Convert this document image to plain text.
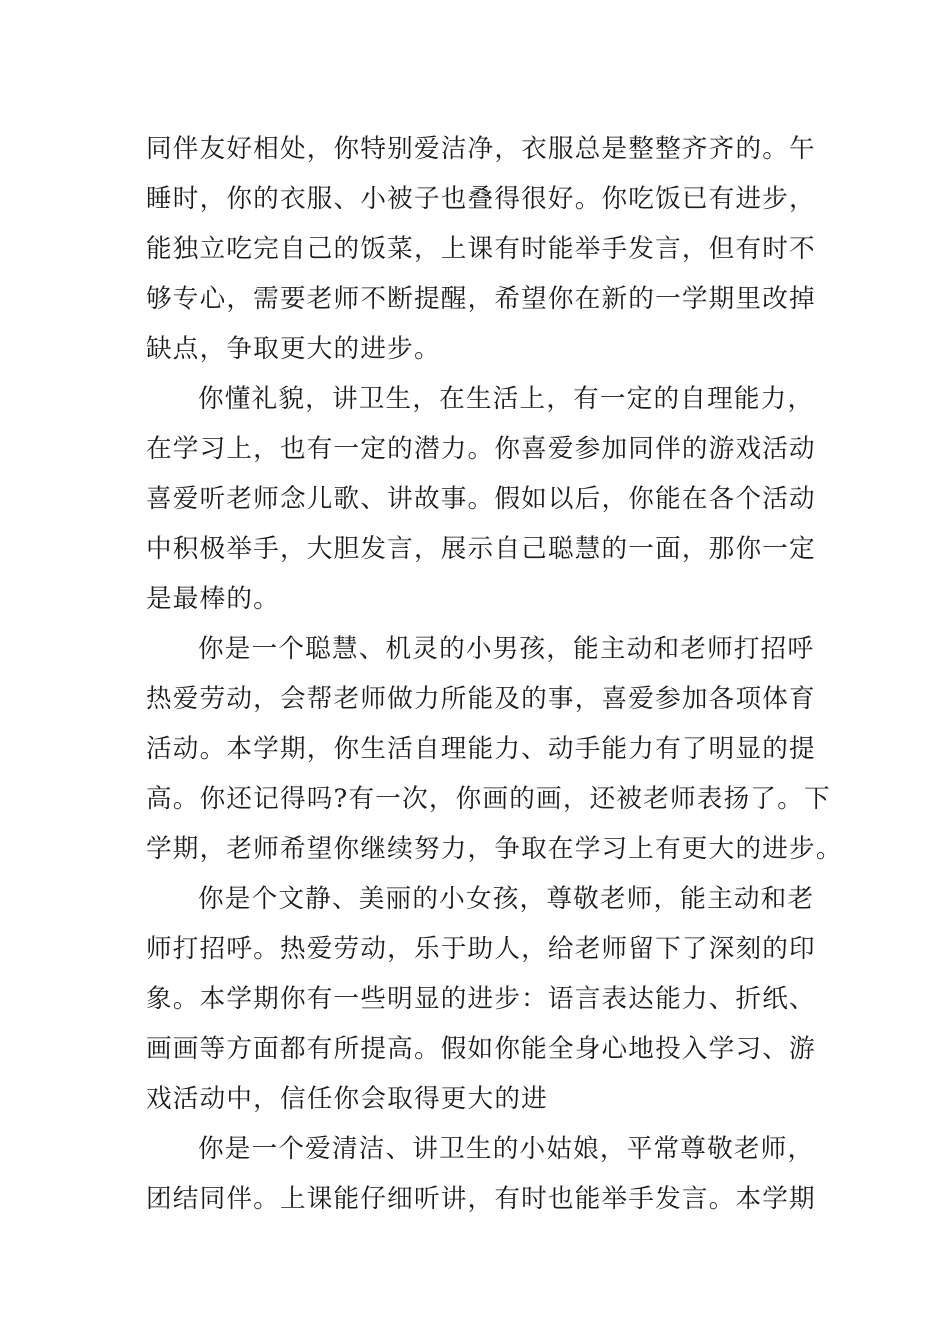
同伴友好相处，你特别爱洁净，衣服总是整整齐齐的。午
睡时，你的衣服、小被子也叠得很好。你吃饭已有进步，
能独立吃完自己的饭菜，上课有时能举手发言，但有时不
够专心，需要老师不断提醒，希望你在新的一学期里改掉
缺点，争取更大的进步。
你懂礼貌，讲卫生，在生活上，有一定的自理能力，
在学习上，也有一定的潜力。你喜爱参加同伴的游戏活动
喜爱听老师念儿歌、讲故事。假如以后，你能在各个活动
中积极举手，大胆发言，展示自己聪慧的一面，那你一定
是最棒的。
你是一个聪慧、机灵的小男孩，能主动和老师打招呼
热爱劳动，会帮老师做力所能及的事，喜爱参加各项体育
活动。本学期，你生活自理能力、动手能力有了明显的提
高。你还记得吗?有一次，你画的画，还被老师表扬了。下
学期，老师希望你继续努力，争取在学习上有更大的进步。
你是个文静、美丽的小女孩，尊敬老师，能主动和老
师打招呼。热爱劳动，乐于助人，给老师留下了深刻的印
象。本学期你有一些明显的进步：语言表达能力、折纸、
画画等方面都有所提高。假如你能全身心地投入学习、游
戏活动中，信任你会取得更大的进
你是一个爱清洁、讲卫生的小姑娘，平常尊敬老师，
团结同伴。上课能仔细听讲，有时也能举手发言。本学期
